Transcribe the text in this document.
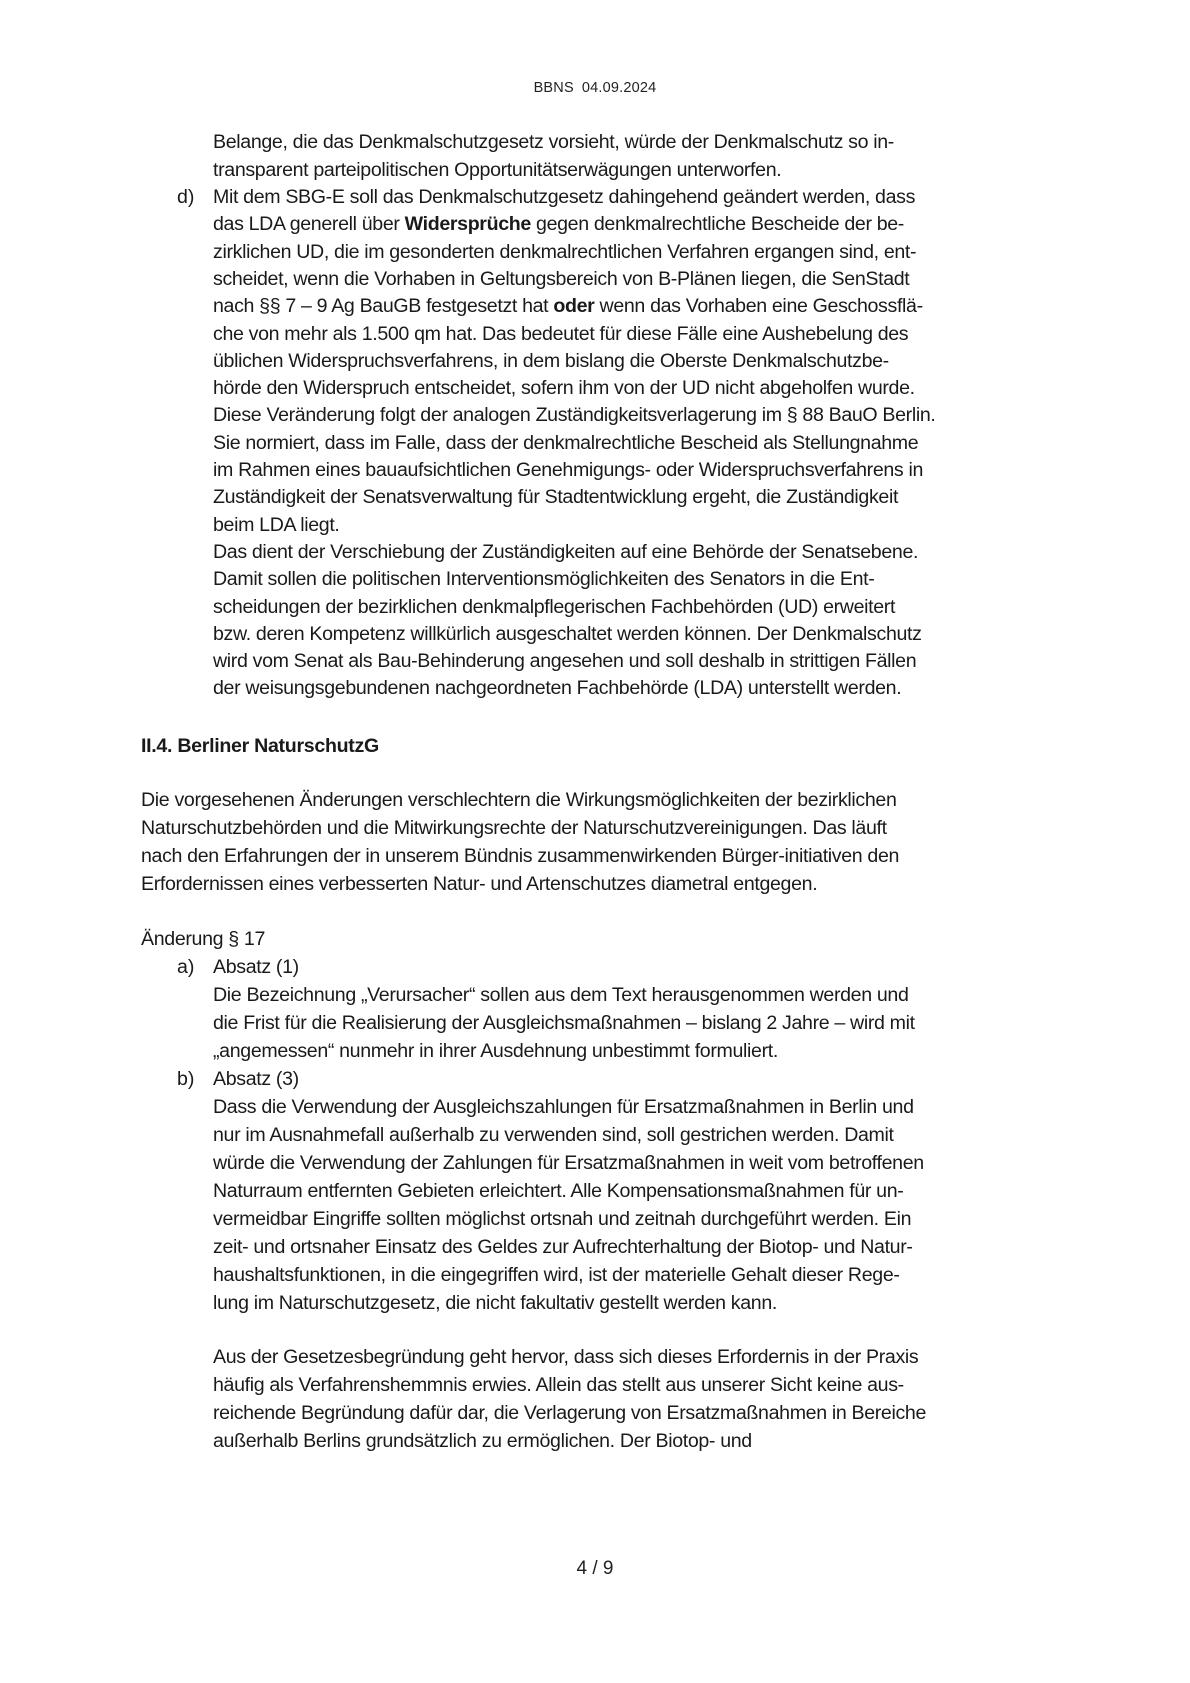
BBNS 04.09.2024
Belange, die das Denkmalschutzgesetz vorsieht, würde der Denkmalschutz so in-
transparent parteipolitischen Opportunitätserwägungen unterworfen.
d) Mit dem SBG-E soll das Denkmalschutzgesetz dahingehend geändert werden, dass
das LDA generell über Widersprüche gegen denkmalrechtliche Bescheide der be-
zirklichen UD, die im gesonderten denkmalrechtlichen Verfahren ergangen sind, ent-
scheidet, wenn die Vorhaben in Geltungsbereich von B-Plänen liegen, die SenStadt
nach §§ 7 – 9 Ag BauGB festgesetzt hat oder wenn das Vorhaben eine Geschossflä-
che von mehr als 1.500 qm hat. Das bedeutet für diese Fälle eine Aushebelung des
üblichen Widerspruchsverfahrens, in dem bislang die Oberste Denkmalschutzbe-
hörde den Widerspruch entscheidet, sofern ihm von der UD nicht abgeholfen wurde.
Diese Veränderung folgt der analogen Zuständigkeitsverlagerung im § 88 BauO Berlin.
Sie normiert, dass im Falle, dass der denkmalrechtliche Bescheid als Stellungnahme
im Rahmen eines bauaufsichtlichen Genehmigungs- oder Widerspruchsverfahrens in
Zuständigkeit der Senatsverwaltung für Stadtentwicklung ergeht, die Zuständigkeit
beim LDA liegt.
Das dient der Verschiebung der Zuständigkeiten auf eine Behörde der Senatsebene.
Damit sollen die politischen Interventionsmöglichkeiten des Senators in die Ent-
scheidungen der bezirklichen denkmalpflegerischen Fachbehörden (UD) erweitert
bzw. deren Kompetenz willkürlich ausgeschaltet werden können. Der Denkmalschutz
wird vom Senat als Bau-Behinderung angesehen und soll deshalb in strittigen Fällen
der weisungsgebundenen nachgeordneten Fachbehörde (LDA) unterstellt werden.
II.4. Berliner NaturschutzG
Die vorgesehenen Änderungen verschlechtern die Wirkungsmöglichkeiten der bezirklichen
Naturschutzbehörden und die Mitwirkungsrechte der Naturschutzvereinigungen. Das läuft
nach den Erfahrungen der in unserem Bündnis zusammenwirkenden Bürger-initiativen den
Erfordernissen eines verbesserten Natur- und Artenschutzes diametral entgegen.
Änderung § 17
a) Absatz (1)
Die Bezeichnung „Verursacher“ sollen aus dem Text herausgenommen werden und
die Frist für die Realisierung der Ausgleichsmaßnahmen – bislang 2 Jahre – wird mit
„angemessen“ nunmehr in ihrer Ausdehnung unbestimmt formuliert.
b) Absatz (3)
Dass die Verwendung der Ausgleichszahlungen für Ersatzmaßnahmen in Berlin und
nur im Ausnahmefall außerhalb zu verwenden sind, soll gestrichen werden. Damit
würde die Verwendung der Zahlungen für Ersatzmaßnahmen in weit vom betroffenen
Naturraum entfernten Gebieten erleichtert. Alle Kompensationsmaßnahmen für un-
vermeidbar Eingriffe sollten möglichst ortsnah und zeitnah durchgeführt werden. Ein
zeit- und ortsnaher Einsatz des Geldes zur Aufrechterhaltung der Biotop- und Natur-
haushaltsfunktionen, in die eingegriffen wird, ist der materielle Gehalt dieser Rege-
lung im Naturschutzgesetz, die nicht fakultativ gestellt werden kann.
Aus der Gesetzesbegründung geht hervor, dass sich dieses Erfordernis in der Praxis
häufig als Verfahrenshemmnis erwies. Allein das stellt aus unserer Sicht keine aus-
reichende Begründung dafür dar, die Verlagerung von Ersatzmaßnahmen in Bereiche
außerhalb Berlins grundsätzlich zu ermöglichen. Der Biotop- und
4 / 9
